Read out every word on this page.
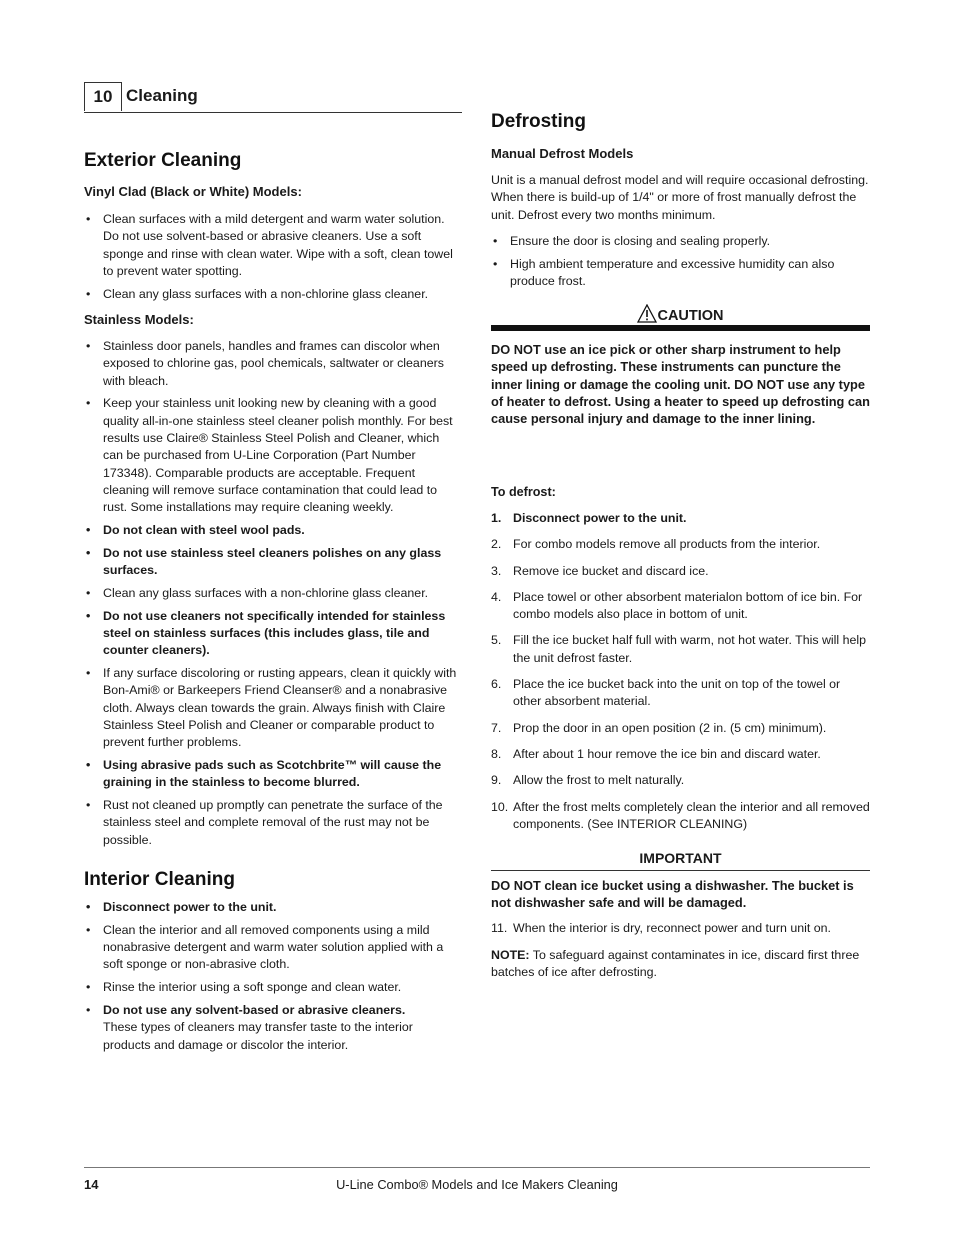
10 Cleaning
Exterior Cleaning
Vinyl Clad (Black or White) Models:
• Clean surfaces with a mild detergent and warm water solution. Do not use solvent-based or abrasive cleaners. Use a soft sponge and rinse with clean water. Wipe with a soft, clean towel to prevent water spotting.
• Clean any glass surfaces with a non-chlorine glass cleaner.
Stainless Models:
• Stainless door panels, handles and frames can discolor when exposed to chlorine gas, pool chemicals, saltwater or cleaners with bleach.
• Keep your stainless unit looking new by cleaning with a good quality all-in-one stainless steel cleaner polish monthly. For best results use Claire® Stainless Steel Polish and Cleaner, which can be purchased from U-Line Corporation (Part Number 173348). Comparable products are acceptable. Frequent cleaning will remove surface contamination that could lead to rust. Some installations may require cleaning weekly.
• Do not clean with steel wool pads.
• Do not use stainless steel cleaners polishes on any glass surfaces.
• Clean any glass surfaces with a non-chlorine glass cleaner.
• Do not use cleaners not specifically intended for stainless steel on stainless surfaces (this includes glass, tile and counter cleaners).
• If any surface discoloring or rusting appears, clean it quickly with Bon-Ami® or Barkeepers Friend Cleanser® and a nonabrasive cloth. Always clean towards the grain. Always finish with Claire Stainless Steel Polish and Cleaner or comparable product to prevent further problems.
• Using abrasive pads such as Scotchbrite™ will cause the graining in the stainless to become blurred.
• Rust not cleaned up promptly can penetrate the surface of the stainless steel and complete removal of the rust may not be possible.
Interior Cleaning
• Disconnect power to the unit.
• Clean the interior and all removed components using a mild nonabrasive detergent and warm water solution applied with a soft sponge or non-abrasive cloth.
• Rinse the interior using a soft sponge and clean water.
• Do not use any solvent-based or abrasive cleaners.
These types of cleaners may transfer taste to the interior products and damage or discolor the interior.
Defrosting
Manual Defrost Models

Unit is a manual defrost model and will require occasional defrosting. When there is build-up of 1/4" or more of frost manually defrost the unit. Defrost every two months minimum.

• Ensure the door is closing and sealing properly.
• High ambient temperature and excessive humidity can also produce frost.
CAUTION

DO NOT use an ice pick or other sharp instrument to help speed up defrosting. These instruments can puncture the inner lining or damage the cooling unit. DO NOT use any type of heater to defrost. Using a heater to speed up defrosting can cause personal injury and damage to the inner lining.

To defrost:

1. Disconnect power to the unit.
2. For combo models remove all products from the interior.
3. Remove ice bucket and discard ice.
4. Place towel or other absorbent materialon bottom of ice bin. For combo models also place in bottom of unit.
5. Fill the ice bucket half full with warm, not hot water. This will help the unit defrost faster.
6. Place the ice bucket back into the unit on top of the towel or other absorbent material.
7. Prop the door in an open position (2 in. (5 cm) minimum).
8. After about 1 hour remove the ice bin and discard water.
9. Allow the frost to melt naturally.
10. After the frost melts completely clean the interior and all removed components. (See INTERIOR CLEANING)
IMPORTANT

DO NOT clean ice bucket using a dishwasher. The bucket is not dishwasher safe and will be damaged.

11. When the interior is dry, reconnect power and turn unit on.

NOTE: To safeguard against contaminates in ice, discard first three batches of ice after defrosting.

U-Line Combo® Models and Ice Makers Cleaning
14
